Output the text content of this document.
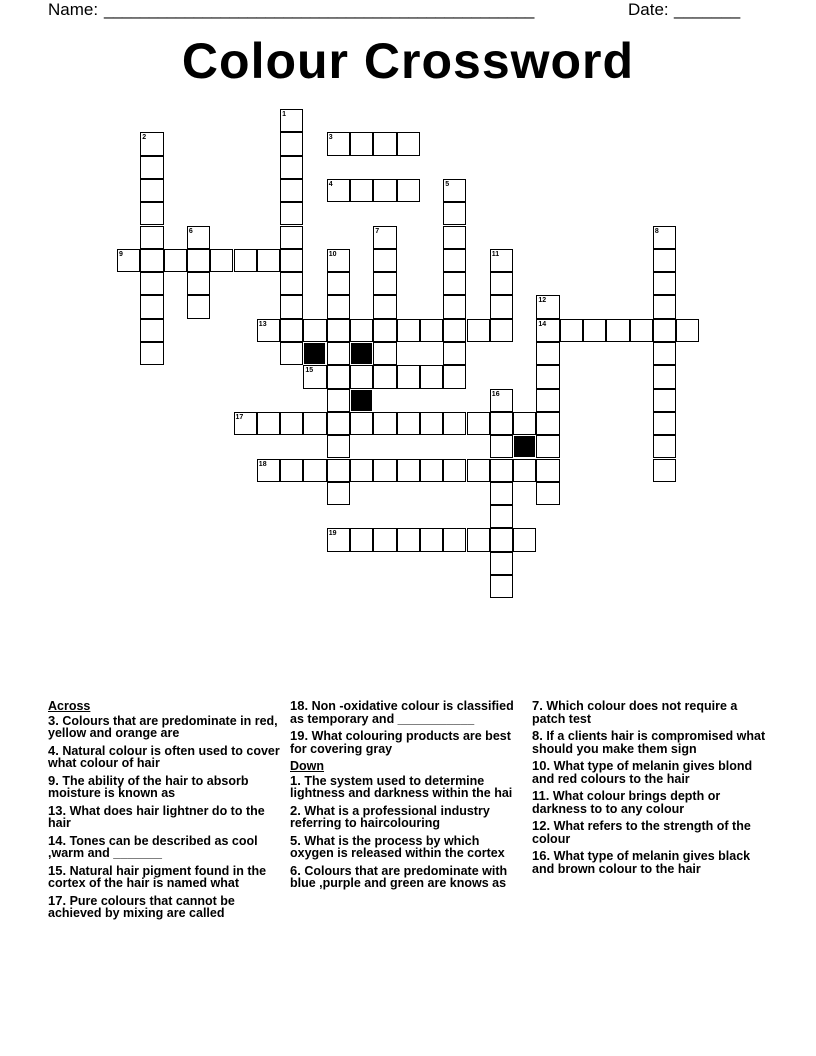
Name: ________________________________________________	Date: _______
Colour Crossword
1
2	3
4	5
6	7	8
9	10	11
12
13	14
15
16
17
18
19
Across

3. Colours that are predominate in red, yellow and orange are

4. Natural colour is often used to cover what colour of hair

9. The ability of the hair to absorb moisture is known as

13. What does hair lightner do to the hair

14. Tones can be described as cool ,warm and _______

15. Natural hair pigment found in the cortex of the hair is named what

17. Pure colours that cannot be achieved by mixing are called

18. Non -oxidative colour is classified as temporary and ___________

19. What colouring products are best for covering gray

Down

1. The system used to determine lightness and darkness within the hai

2. What is a professional industry referring to haircolouring

5. What is the process by which oxygen is released within the cortex

6. Colours that are predominate with blue ,purple and green are knows as

7. Which colour does not require a patch test

8. If a clients hair is compromised what should you make them sign

10. What type of melanin gives blond and red colours to the hair

11. What colour brings depth or darkness to to any colour

12. What refers to the strength of the colour

16. What type of melanin gives black and brown colour to the hair
